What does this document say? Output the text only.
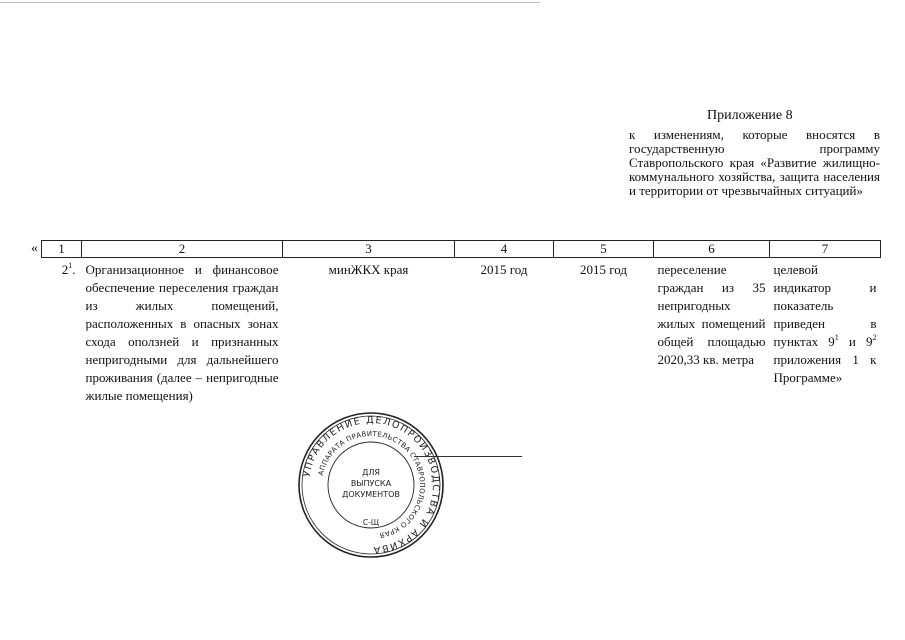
Приложение 8
к изменениям, которые вносятся в государственную программу Ставропольского края «Развитие жилищно-коммунального хозяйства, защита населения и территории от чрезвычайных ситуаций»
« 1	2	3	4	5	6	7
$2^1$.	Организационное и финансовое обеспечение переселения граждан из жилых помещений, расположенных в опасных зонах схода оползней и признанных непригодными для дальнейшего проживания (далее – непригодные жилые помещения)	минЖКХ края	2015 год	2015 год	переселение граждан из 35 непригодных жилых помещений общей площадью 2020,33 кв. метра	целевой индикатор и показатель приведен в пунктах $9^1$ и $9^2$ приложения 1 к Программе»
УПРАВЛЕНИЕ ДЕЛОПРОИЗВОДСТВА И АРХИВА
АППАРАТА ПРАВИТЕЛЬСТВА СТАВРОПОЛЬСКОГО КРАЯ
ДЛЯ
ВЫПУСКА
ДОКУМЕНТОВ
С-Щ
